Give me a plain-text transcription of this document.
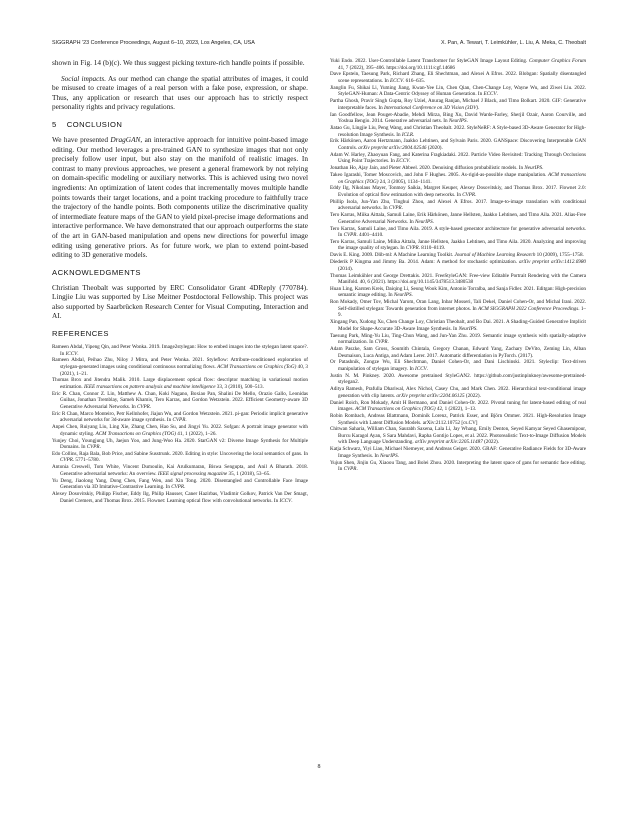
SIGGRAPH ’23 Conference Proceedings, August 6–10, 2023, Los Angeles, CA, USA	X. Pan, A. Tewari, T. Leimkühler, L. Liu, A. Meka, C. Theobalt

shown in Fig. 14 (b)(c). We thus suggest picking texture-rich handle points if possible.

Social impacts. As our method can change the spatial attributes of images, it could be misused to create images of a real person with a fake pose, expression, or shape. Thus, any application or research that uses our approach has to strictly respect personality rights and privacy regulations.

5 CONCLUSION

We have presented DragGAN, an interactive approach for intuitive point-based image editing. Our method leverages a pre-trained GAN to synthesize images that not only precisely follow user input, but also stay on the manifold of realistic images. In contrast to many previous approaches, we present a general framework by not relying on domain-specific modeling or auxiliary networks. This is achieved using two novel ingredients: An optimization of latent codes that incrementally moves multiple handle points towards their target locations, and a point tracking procedure to faithfully trace the trajectory of the handle points. Both components utilize the discriminative quality of intermediate feature maps of the GAN to yield pixel-precise image deformations and interactive performance. We have demonstrated that our approach outperforms the state of the art in GAN-based manipulation and opens new directions for powerful image editing using generative priors. As for future work, we plan to extend point-based editing to 3D generative models.

ACKNOWLEDGMENTS

Christian Theobalt was supported by ERC Consolidator Grant 4DReply (770784). Lingjie Liu was supported by Lise Meitner Postdoctoral Fellowship. This project was also supported by Saarbrücken Research Center for Visual Computing, Interaction and AI.

REFERENCES
Rameen Abdal, Yipeng Qin, and Peter Wonka. 2019. Image2stylegan: How to embed images into the stylegan latent space?. In ICCV.
Rameen Abdal, Peihao Zhu, Niloy J Mitra, and Peter Wonka. 2021. Styleflow: Attribute-conditioned exploration of stylegan-generated images using conditional continuous normalizing flows. ACM Transactions on Graphics (ToG) 40, 3 (2021), 1–21.
Thomas Brox and Jitendra Malik. 2010. Large displacement optical flow: descriptor matching in variational motion estimation. IEEE transactions on pattern analysis and machine intelligence 33, 3 (2010), 500–513.
Eric R. Chan, Connor Z. Lin, Matthew A. Chan, Koki Nagano, Boxiao Pan, Shalini De Mello, Orazio Gallo, Leonidas Guibas, Jonathan Tremblay, Sameh Khamis, Tero Karras, and Gordon Wetzstein. 2022. Efficient Geometry-aware 3D Generative Adversarial Networks. In CVPR.
Eric R Chan, Marco Monteiro, Petr Kellnhofer, Jiajun Wu, and Gordon Wetzstein. 2021. pi-gan: Periodic implicit generative adversarial networks for 3d-aware image synthesis. In CVPR.
Anpei Chen, Ruiyang Liu, Ling Xie, Zhang Chen, Hao Su, and Jingyi Yu. 2022. Sofgan: A portrait image generator with dynamic styling. ACM Transactions on Graphics (TOG) 41, 1 (2022), 1–26.
Yunjey Choi, Youngjung Uh, Jaejun Yoo, and Jung-Woo Ha. 2020. StarGAN v2: Diverse Image Synthesis for Multiple Domains. In CVPR.
Edo Collins, Raja Bala, Bob Price, and Sabine Susstrunk. 2020. Editing in style: Uncovering the local semantics of gans. In CVPR. 5771–5780.
Antonia Creswell, Tom White, Vincent Dumoulin, Kai Arulkumaran, Biswa Sengupta, and Anil A Bharath. 2018. Generative adversarial networks: An overview. IEEE signal processing magazine 35, 1 (2018), 53–65.
Yu Deng, Jiaolong Yang, Dong Chen, Fang Wen, and Xin Tong. 2020. Disentangled and Controllable Face Image Generation via 3D Imitative-Contrastive Learning. In CVPR.
Alexey Dosovitskiy, Philipp Fischer, Eddy Ilg, Philip Hausser, Caner Hazirbas, Vladimir Golkov, Patrick Van Der Smagt, Daniel Cremers, and Thomas Brox. 2015. Flownet: Learning optical flow with convolutional networks. In ICCV.
Yuki Endo. 2022. User-Controllable Latent Transformer for StyleGAN Image Layout Editing. Computer Graphics Forum 41, 7 (2022), 395–406. https://doi.org/10.1111/cgf.14686
Dave Epstein, Taesung Park, Richard Zhang, Eli Shechtman, and Alexei A Efros. 2022. Blobgan: Spatially disentangled scene representations. In ECCV. 616–635.
Jianglin Fu, Shikai Li, Yuming Jiang, Kwan-Yee Lin, Chen Qian, Chen-Change Loy, Wayne Wu, and Ziwei Liu. 2022. StyleGAN-Human: A Data-Centric Odyssey of Human Generation. In ECCV.
Partha Ghosh, Pravir Singh Gupta, Roy Uziel, Anurag Ranjan, Michael J Black, and Timo Bolkart. 2020. GIF: Generative interpretable faces. In International Conference on 3D Vision (3DV).
Ian Goodfellow, Jean Pouget-Abadie, Mehdi Mirza, Bing Xu, David Warde-Farley, Sherjil Ozair, Aaron Courville, and Yoshua Bengio. 2014. Generative adversarial nets. In NeurIPS.
Jiatao Gu, Lingjie Liu, Peng Wang, and Christian Theobalt. 2022. StyleNeRF: A Style-based 3D-Aware Generator for High-resolution Image Synthesis. In ICLR.
Erik Härkönen, Aaron Hertzmann, Jaakko Lehtinen, and Sylvain Paris. 2020. GANSpace: Discovering Interpretable GAN Controls. arXiv preprint arXiv:2004.02546 (2020).
Adam W. Harley, Zhaoyuan Fang, and Katerina Fragkiadaki. 2022. Particle Video Revisited: Tracking Through Occlusions Using Point Trajectories. In ECCV.
Jonathan Ho, Ajay Jain, and Pieter Abbeel. 2020. Denoising diffusion probabilistic models. In NeurIPS.
Takeo Igarashi, Tomer Moscovich, and John F Hughes. 2005. As-rigid-as-possible shape manipulation. ACM transactions on Graphics (TOG) 24, 3 (2005), 1134–1141.
Eddy Ilg, Nikolaus Mayer, Tonmoy Saikia, Margret Keuper, Alexey Dosovitskiy, and Thomas Brox. 2017. Flownet 2.0: Evolution of optical flow estimation with deep networks. In CVPR.
Phillip Isola, Jun-Yan Zhu, Tinghui Zhou, and Alexei A Efros. 2017. Image-to-image translation with conditional adversarial networks. In CVPR.
Tero Karras, Miika Aittala, Samuli Laine, Erik Härkönen, Janne Hellsten, Jaakko Lehtinen, and Timo Aila. 2021. Alias-Free Generative Adversarial Networks. In NeurIPS.
Tero Karras, Samuli Laine, and Timo Aila. 2019. A style-based generator architecture for generative adversarial networks. In CVPR. 4401–4410.
Tero Karras, Samuli Laine, Miika Aittala, Janne Hellsten, Jaakko Lehtinen, and Timo Aila. 2020. Analyzing and improving the image quality of stylegan. In CVPR. 8110–8119.
Davis E. King. 2009. Dlib-ml: A Machine Learning Toolkit. Journal of Machine Learning Research 10 (2009), 1755–1758.
Diederik P Kingma and Jimmy Ba. 2014. Adam: A method for stochastic optimization. arXiv preprint arXiv:1412.6980 (2014).
Thomas Leimkühler and George Drettakis. 2021. FreeStyleGAN: Free-view Editable Portrait Rendering with the Camera Manifold. 40, 6 (2021). https://doi.org/10.1145/3478513.3480538
Huan Ling, Karsten Kreis, Daiqing Li, Seung Wook Kim, Antonio Torralba, and Sanja Fidler. 2021. Editgan: High-precision semantic image editing. In NeurIPS.
Ron Mokady, Omer Tov, Michal Yarom, Oran Lang, Inbar Mosseri, Tali Dekel, Daniel Cohen-Or, and Michal Irani. 2022. Self-distilled stylegan: Towards generation from internet photos. In ACM SIGGRAPH 2022 Conference Proceedings. 1–9.
Xingang Pan, Xudong Xu, Chen Change Loy, Christian Theobalt, and Bo Dai. 2021. A Shading-Guided Generative Implicit Model for Shape-Accurate 3D-Aware Image Synthesis. In NeurIPS.
Taesung Park, Ming-Yu Liu, Ting-Chun Wang, and Jun-Yan Zhu. 2019. Semantic image synthesis with spatially-adaptive normalization. In CVPR.
Adam Paszke, Sam Gross, Soumith Chintala, Gregory Chanan, Edward Yang, Zachary DeVito, Zeming Lin, Alban Desmaison, Luca Antiga, and Adam Lerer. 2017. Automatic differentiation in PyTorch. (2017).
Or Patashnik, Zongze Wu, Eli Shechtman, Daniel Cohen-Or, and Dani Lischinski. 2021. Styleclip: Text-driven manipulation of stylegan imagery. In ICCV.
Justin N. M. Pinkney. 2020. Awesome pretrained StyleGAN2. https://github.com/justinpinkney/awesome-pretrained-stylegan2.
Aditya Ramesh, Prafulla Dhariwal, Alex Nichol, Casey Chu, and Mark Chen. 2022. Hierarchical text-conditional image generation with clip latents. arXiv preprint arXiv:2204.06125 (2022).
Daniel Roich, Ron Mokady, Amit H Bermano, and Daniel Cohen-Or. 2022. Pivotal tuning for latent-based editing of real images. ACM Transactions on Graphics (TOG) 42, 1 (2022), 1–13.
Robin Rombach, Andreas Blattmann, Dominik Lorenz, Patrick Esser, and Björn Ommer. 2021. High-Resolution Image Synthesis with Latent Diffusion Models. arXiv:2112.10752 [cs.CV]
Chitwan Saharia, William Chan, Saurabh Saxena, Lala Li, Jay Whang, Emily Denton, Seyed Kamyar Seyed Ghasemipour, Burcu Karagol Ayan, S Sara Mahdavi, Rapha Gontijo Lopes, et al. 2022. Photorealistic Text-to-Image Diffusion Models with Deep Language Understanding. arXiv preprint arXiv:2205.11487 (2022).
Katja Schwarz, Yiyi Liao, Michael Niemeyer, and Andreas Geiger. 2020. GRAF: Generative Radiance Fields for 3D-Aware Image Synthesis. In NeurIPS.
Yujun Shen, Jinjin Gu, Xiaoou Tang, and Bolei Zhou. 2020. Interpreting the latent space of gans for semantic face editing. In CVPR.
8
